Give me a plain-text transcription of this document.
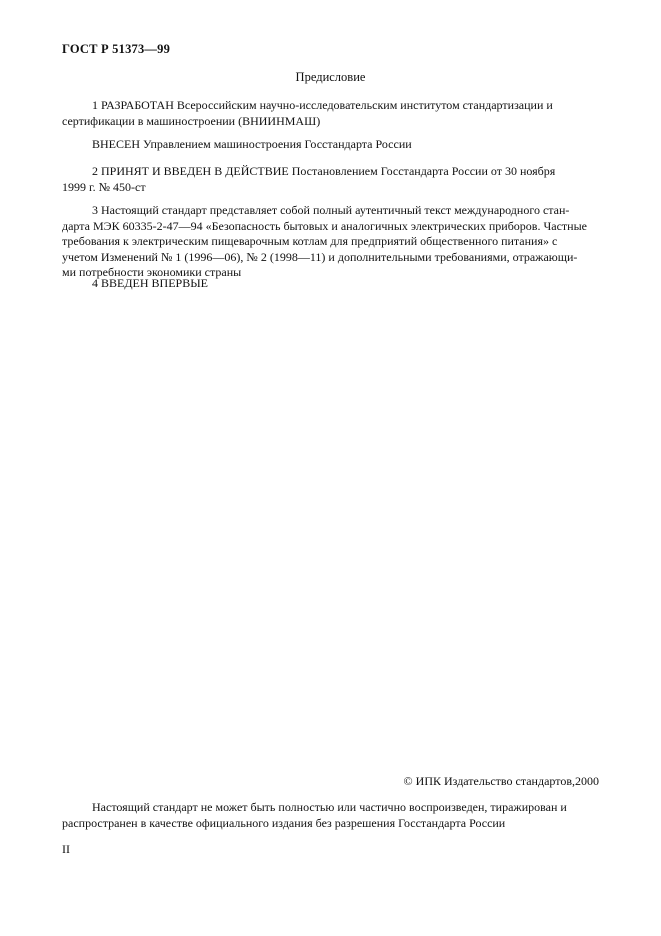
ГОСТ Р 51373—99
Предисловие
1 РАЗРАБОТАН Всероссийским научно-исследовательским институтом стандартизации и
сертификации в машиностроении (ВНИИНМАШ)
ВНЕСЕН Управлением машиностроения Госстандарта России
2 ПРИНЯТ И ВВЕДЕН В ДЕЙСТВИЕ Постановлением Госстандарта России от 30 ноября
1999 г. № 450-ст
3 Настоящий стандарт представляет собой полный аутентичный текст международного стан-
дарта МЭК 60335-2-47—94 «Безопасность бытовых и аналогичных электрических приборов. Частные
требования к электрическим пищеварочным котлам для предприятий общественного питания» с
учетом Изменений № 1 (1996—06), № 2 (1998—11) и дополнительными требованиями, отражающи-
ми потребности экономики страны
4 ВВЕДЕН ВПЕРВЫЕ
© ИПК Издательство стандартов,2000
Настоящий стандарт не может быть полностью или частично воспроизведен, тиражирован и
распространен в качестве официального издания без разрешения Госстандарта России
II
